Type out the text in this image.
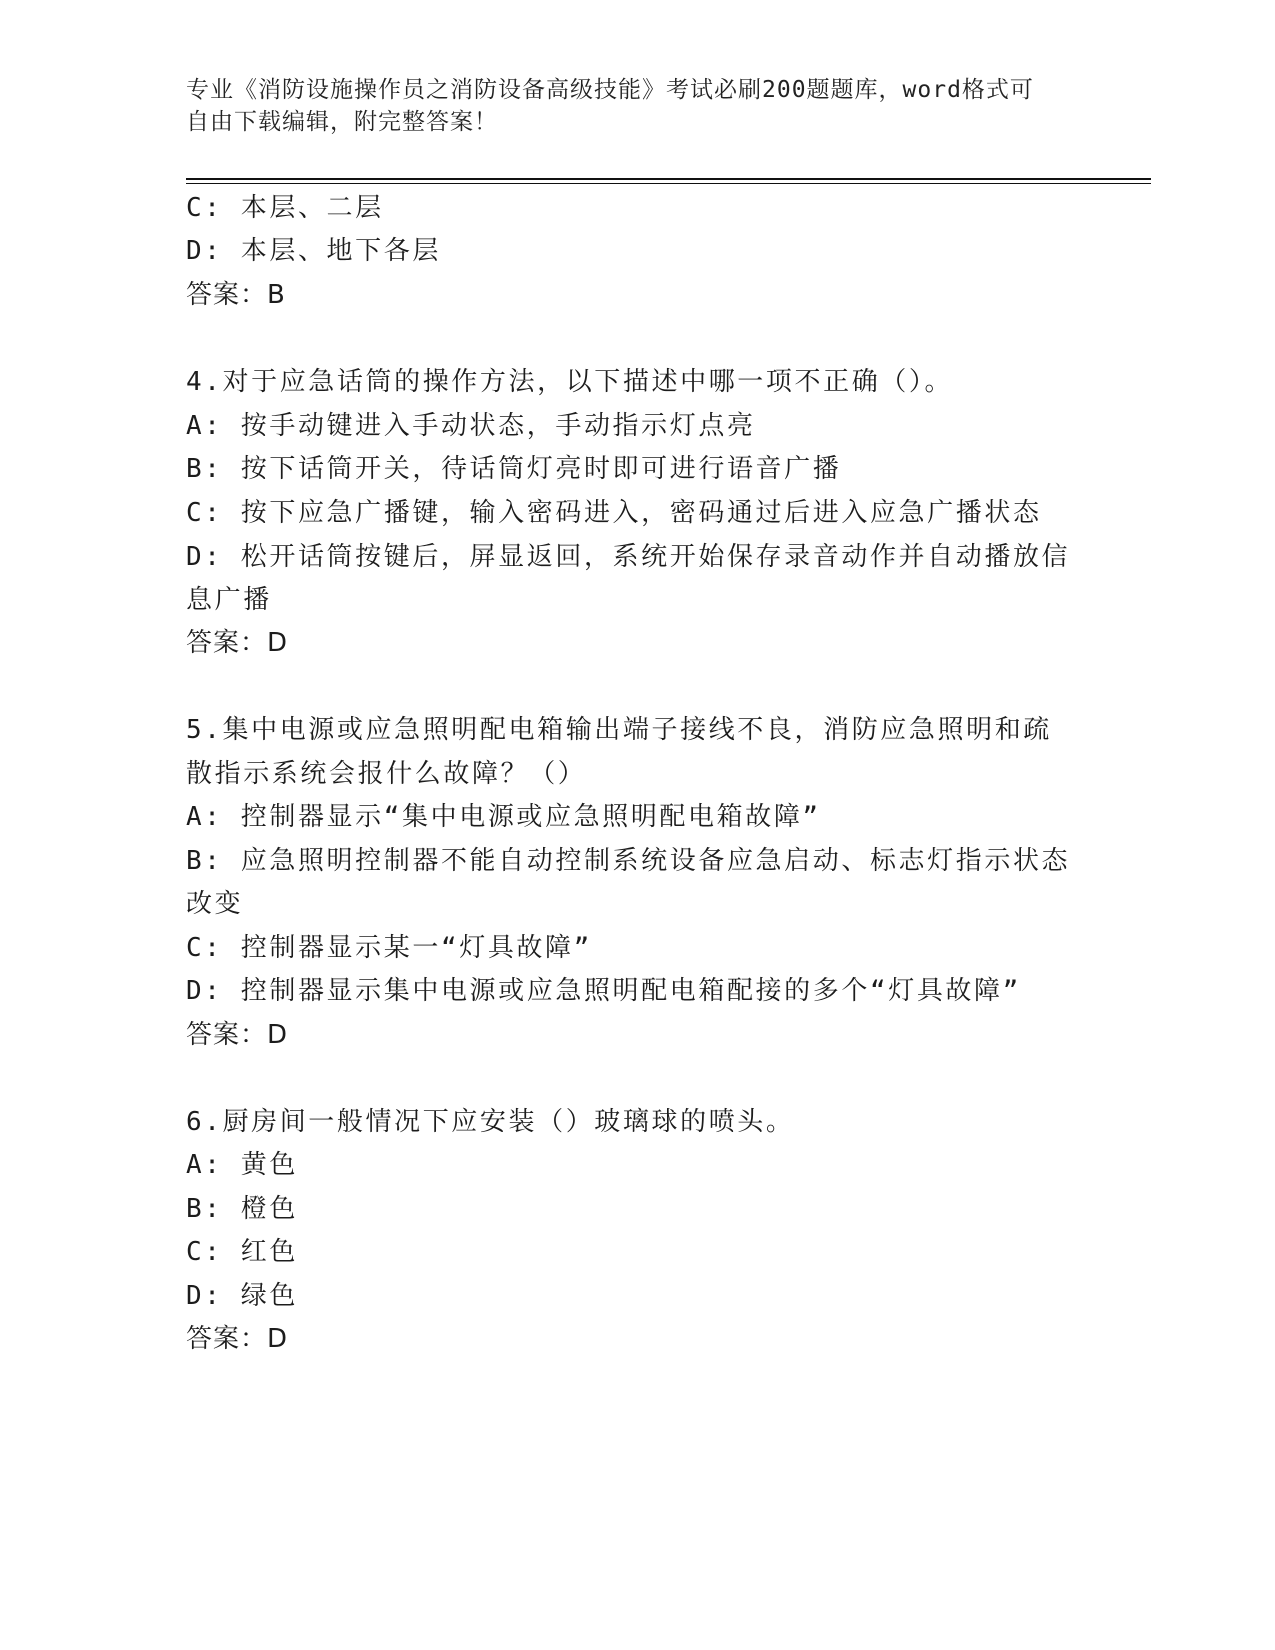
专业《消防设施操作员之消防设备高级技能》考试必刷200题题库，word格式可
自由下载编辑，附完整答案！
C: 本层、二层
D: 本层、地下各层
答案：B
4.对于应急话筒的操作方法，以下描述中哪一项不正确（）。
A: 按手动键进入手动状态，手动指示灯点亮
B: 按下话筒开关，待话筒灯亮时即可进行语音广播
C: 按下应急广播键，输入密码进入，密码通过后进入应急广播状态
D: 松开话筒按键后，屏显返回，系统开始保存录音动作并自动播放信
息广播
答案：D
5.集中电源或应急照明配电箱输出端子接线不良，消防应急照明和疏
散指示系统会报什么故障？（）
A: 控制器显示“集中电源或应急照明配电箱故障”
B: 应急照明控制器不能自动控制系统设备应急启动、标志灯指示状态
改变
C: 控制器显示某一“灯具故障”
D: 控制器显示集中电源或应急照明配电箱配接的多个“灯具故障”
答案：D
6.厨房间一般情况下应安装（）玻璃球的喷头。
A: 黄色
B: 橙色
C: 红色
D: 绿色
答案：D
